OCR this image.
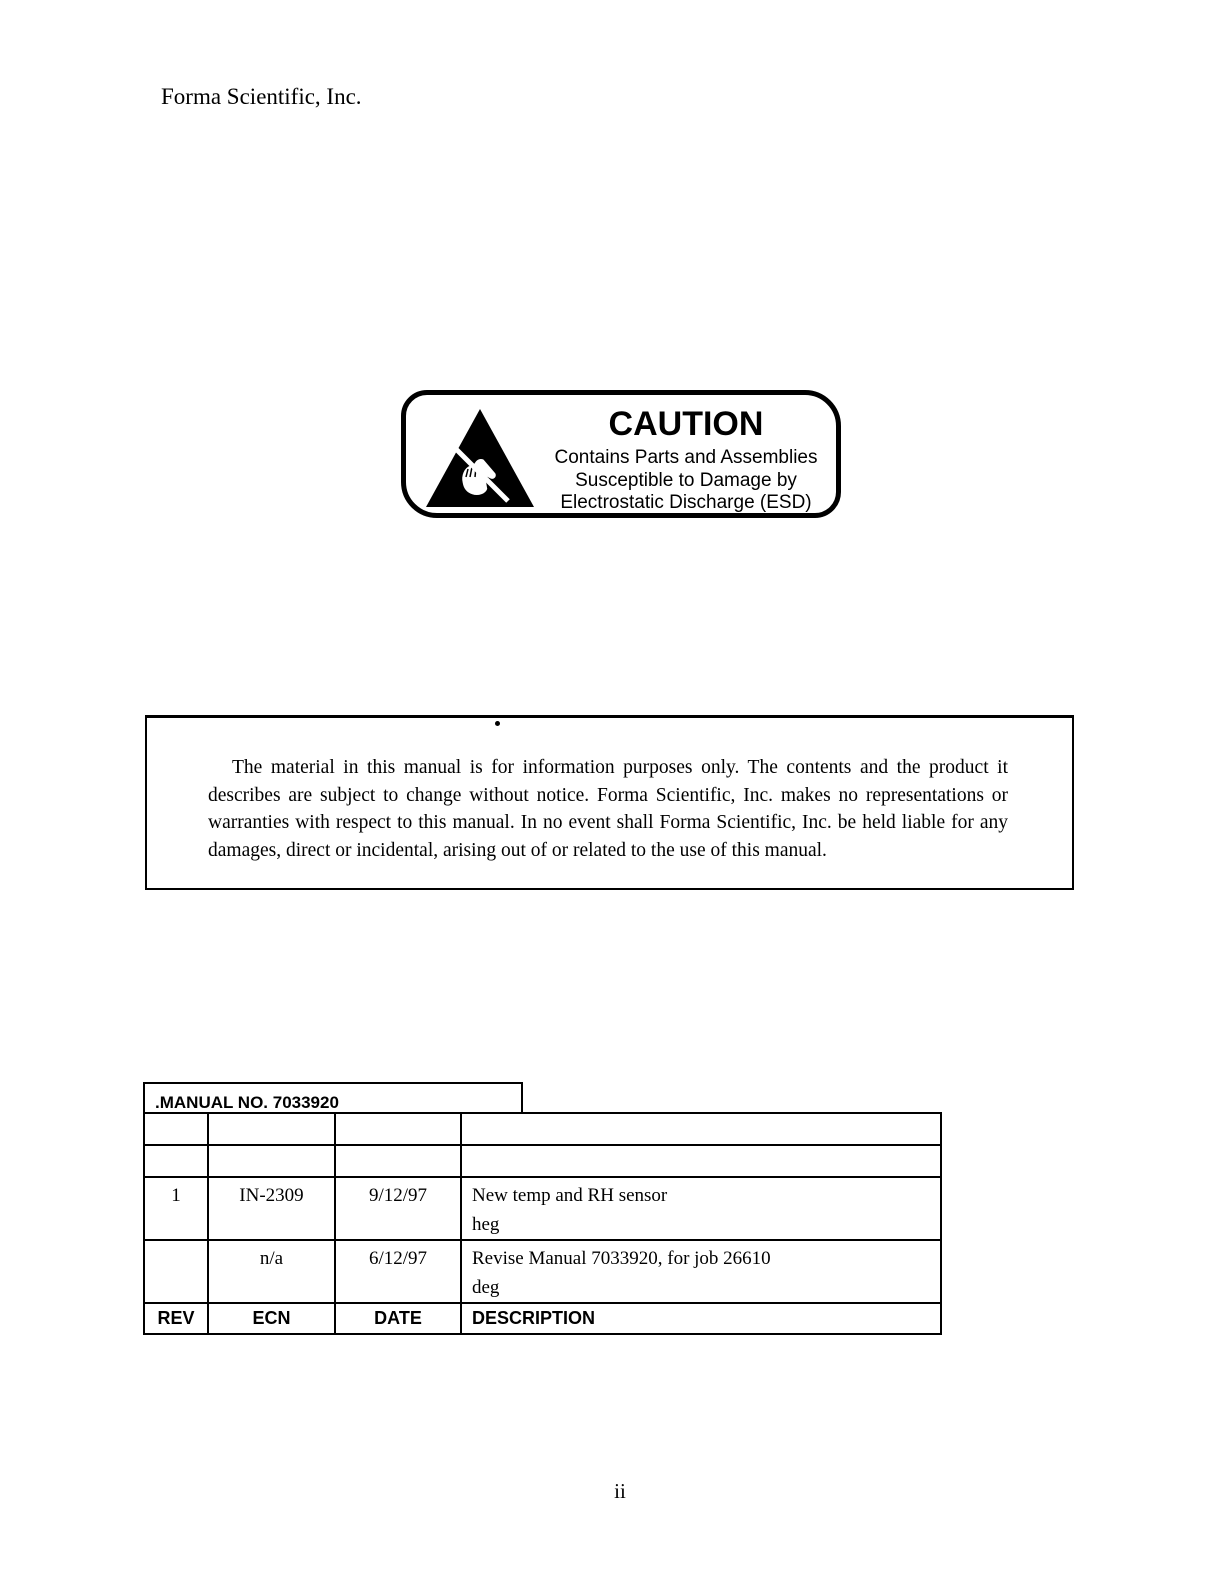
Forma Scientific, Inc.
CAUTION
Contains Parts and Assemblies
Susceptible to Damage by
Electrostatic Discharge (ESD)
The material in this manual is for information purposes only. The contents and the product it describes are subject to change without notice. Forma Scientific, Inc. makes no representations or warranties with respect to this manual. In no event shall Forma Scientific, Inc. be held liable for any damages, direct or incidental, arising out of or related to the use of this manual.
.MANUAL NO. 7033920

1	IN-2309	9/12/97	New temp and RH sensor
heg

	n/a	6/12/97	Revise Manual 7033920, for job 26610
deg

REV	ECN	DATE	DESCRIPTION
ii
